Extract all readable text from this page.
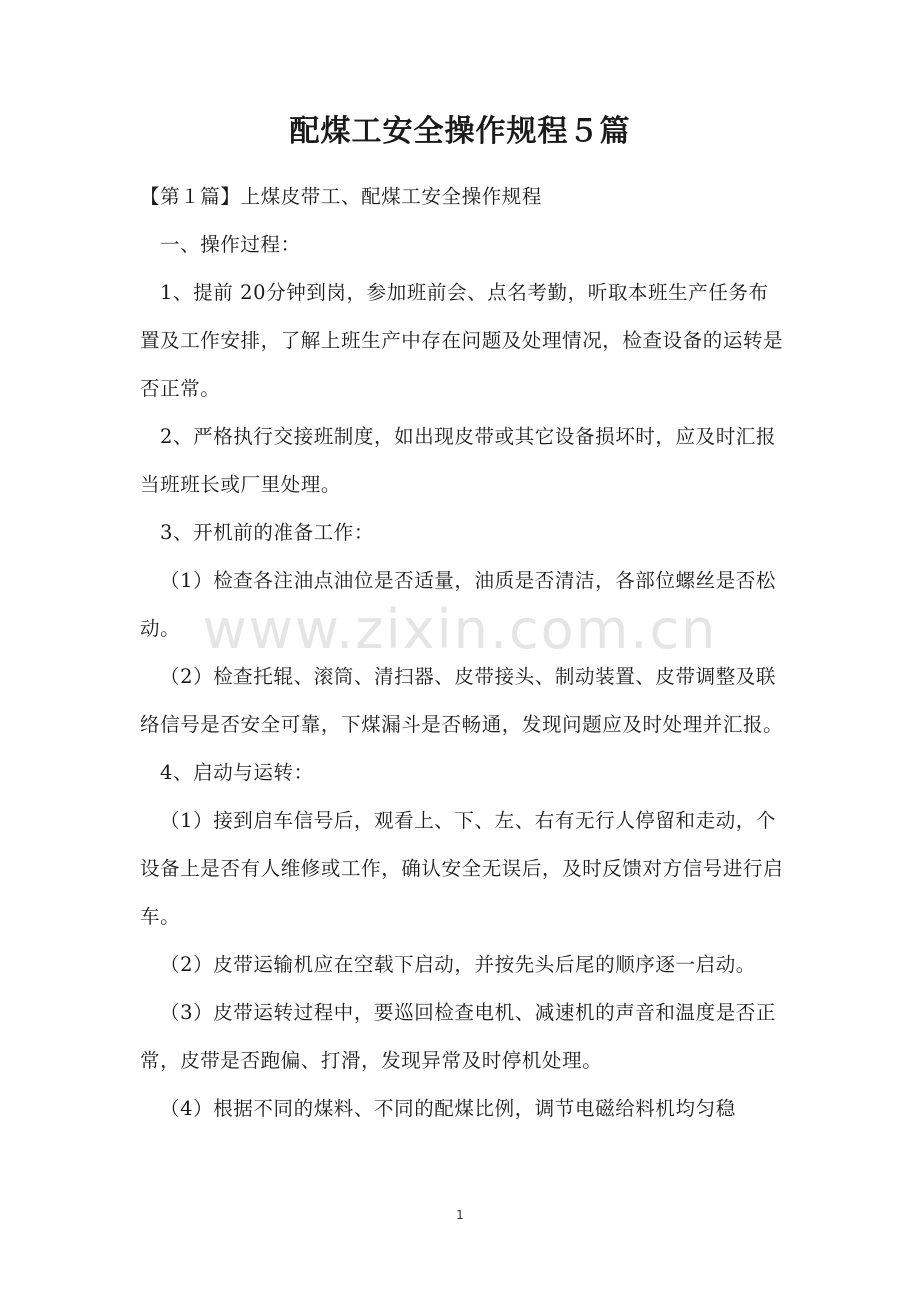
配煤工安全操作规程５篇

【第１篇】上煤皮带工、配煤工安全操作规程

一、操作过程：

1、提前 20分钟到岗，参加班前会、点名考勤，听取本班生产任务布置及工作安排，了解上班生产中存在问题及处理情况，检查设备的运转是否正常。

2、严格执行交接班制度，如出现皮带或其它设备损坏时，应及时汇报当班班长或厂里处理。

3、开机前的准备工作：

（1）检查各注油点油位是否适量，油质是否清洁，各部位螺丝是否松动。

（2）检查托辊、滚筒、清扫器、皮带接头、制动装置、皮带调整及联络信号是否安全可靠，下煤漏斗是否畅通，发现问题应及时处理并汇报。

4、启动与运转：

（1）接到启车信号后，观看上、下、左、右有无行人停留和走动，个设备上是否有人维修或工作，确认安全无误后，及时反馈对方信号进行启车。

（2）皮带运输机应在空载下启动，并按先头后尾的顺序逐一启动。

（3）皮带运转过程中，要巡回检查电机、减速机的声音和温度是否正常，皮带是否跑偏、打滑，发现异常及时停机处理。

（4）根据不同的煤料、不同的配煤比例，调节电磁给料机均匀稳

www.zixin.com.cn
1
